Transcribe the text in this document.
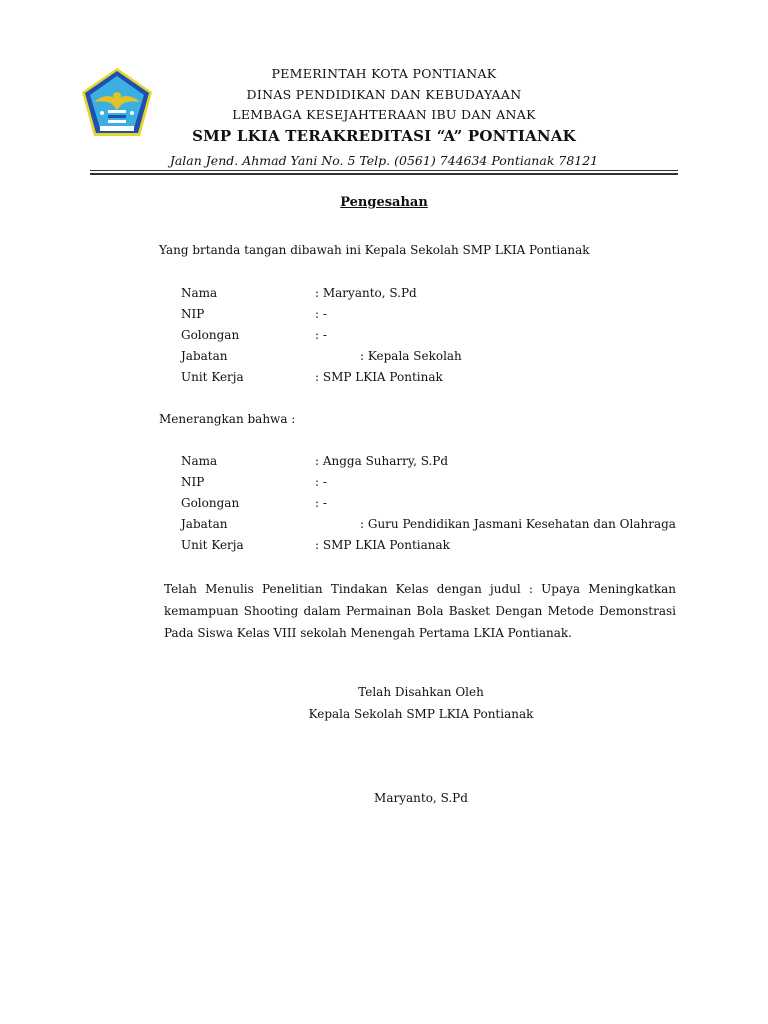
PEMERINTAH KOTA PONTIANAK
DINAS PENDIDIKAN DAN KEBUDAYAAN
LEMBAGA KESEJAHTERAAN IBU DAN ANAK
SMP LKIA TERAKREDITASI “A” PONTIANAK
Jalan Jend. Ahmad Yani No. 5 Telp. (0561) 744634 Pontianak 78121
Pengesahan
Yang brtanda tangan dibawah ini Kepala Sekolah SMP LKIA Pontianak
Nama	: Maryanto, S.Pd
NIP	: -
Golongan	: -
Jabatan	: Kepala Sekolah
Unit Kerja	: SMP LKIA Pontinak
Menerangkan bahwa :
Nama	: Angga Suharry, S.Pd
NIP	: -
Golongan	: -
Jabatan	: Guru Pendidikan Jasmani Kesehatan dan Olahraga
Unit Kerja	: SMP LKIA Pontianak
Telah Menulis Penelitian Tindakan Kelas dengan judul : Upaya Meningkatkan kemampuan Shooting dalam Permainan Bola Basket Dengan Metode Demonstrasi Pada Siswa Kelas VIII sekolah Menengah Pertama LKIA Pontianak.
Telah Disahkan Oleh
Kepala Sekolah SMP LKIA Pontianak
Maryanto, S.Pd
